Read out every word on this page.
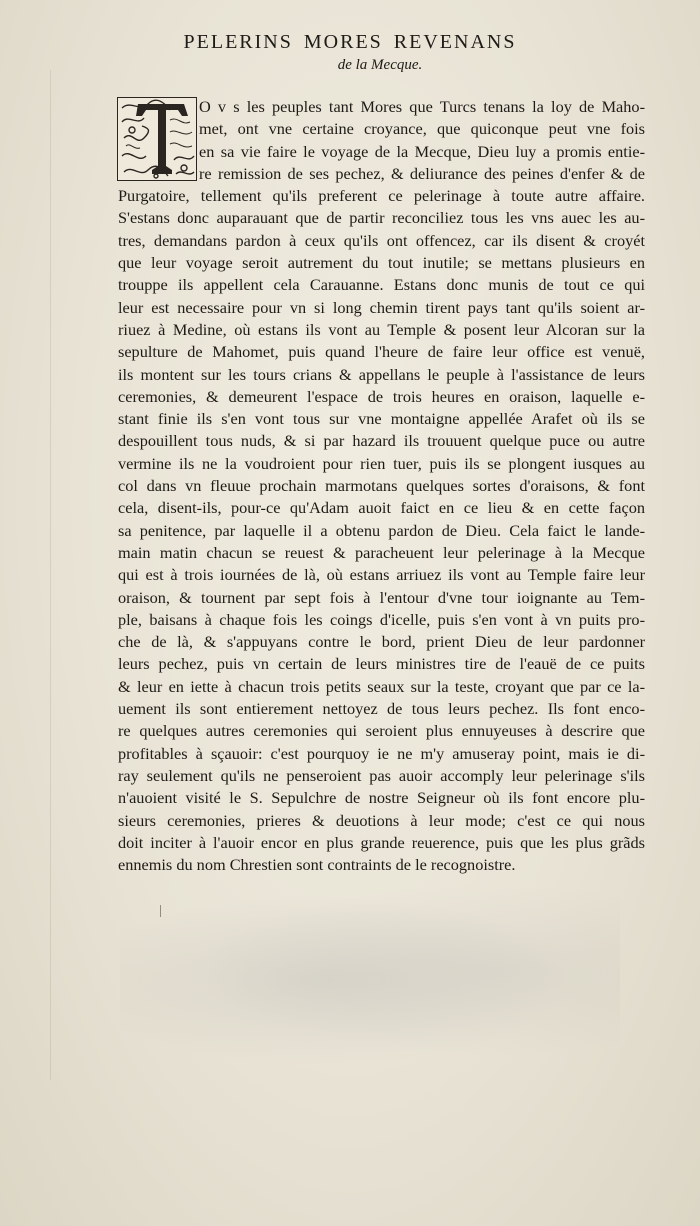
PELERINS MORES REVENANS
de la Mecque.
O v s les peuples tant Mores que Turcs tenans la loy de Maho-
met, ont vne certaine croyance, que quiconque peut vne fois
en sa vie faire le voyage de la Mecque, Dieu luy a promis entie-
re remission de ses pechez, & deliurance des peines d'enfer & de
Purgatoire, tellement qu'ils preferent ce pelerinage à toute autre affaire.
S'estans donc auparauant que de partir reconciliez tous les vns auec les au-
tres, demandans pardon à ceux qu'ils ont offencez, car ils disent & croyét
que leur voyage seroit autrement du tout inutile; se mettans plusieurs en
trouppe ils appellent cela Carauanne. Estans donc munis de tout ce qui
leur est necessaire pour vn si long chemin tirent pays tant qu'ils soient ar-
riuez à Medine, où estans ils vont au Temple & posent leur Alcoran sur la
sepulture de Mahomet, puis quand l'heure de faire leur office est venuë,
ils montent sur les tours crians & appellans le peuple à l'assistance de leurs
ceremonies, & demeurent l'espace de trois heures en oraison, laquelle e-
stant finie ils s'en vont tous sur vne montaigne appellée Arafet où ils se
despouillent tous nuds, & si par hazard ils trouuent quelque puce ou autre
vermine ils ne la voudroient pour rien tuer, puis ils se plongent iusques au
col dans vn fleuue prochain marmotans quelques sortes d'oraisons, & font
cela, disent-ils, pour-ce qu'Adam auoit faict en ce lieu & en cette façon
sa penitence, par laquelle il a obtenu pardon de Dieu. Cela faict le lande-
main matin chacun se reuest & paracheuent leur pelerinage à la Mecque
qui est à trois iournées de là, où estans arriuez ils vont au Temple faire leur
oraison, & tournent par sept fois à l'entour d'vne tour ioignante au Tem-
ple, baisans à chaque fois les coings d'icelle, puis s'en vont à vn puits pro-
che de là, & s'appuyans contre le bord, prient Dieu de leur pardonner
leurs pechez, puis vn certain de leurs ministres tire de l'eauë de ce puits
& leur en iette à chacun trois petits seaux sur la teste, croyant que par ce la-
uement ils sont entierement nettoyez de tous leurs pechez. Ils font enco-
re quelques autres ceremonies qui seroient plus ennuyeuses à descrire que
profitables à sçauoir: c'est pourquoy ie ne m'y amuseray point, mais ie di-
ray seulement qu'ils ne penseroient pas auoir accomply leur pelerinage s'ils
n'auoient visité le S. Sepulchre de nostre Seigneur où ils font encore plu-
sieurs ceremonies, prieres & deuotions à leur mode; c'est ce qui nous
doit inciter à l'auoir encor en plus grande reuerence, puis que les plus grãds
ennemis du nom Chrestien sont contraints de le recognoistre.
